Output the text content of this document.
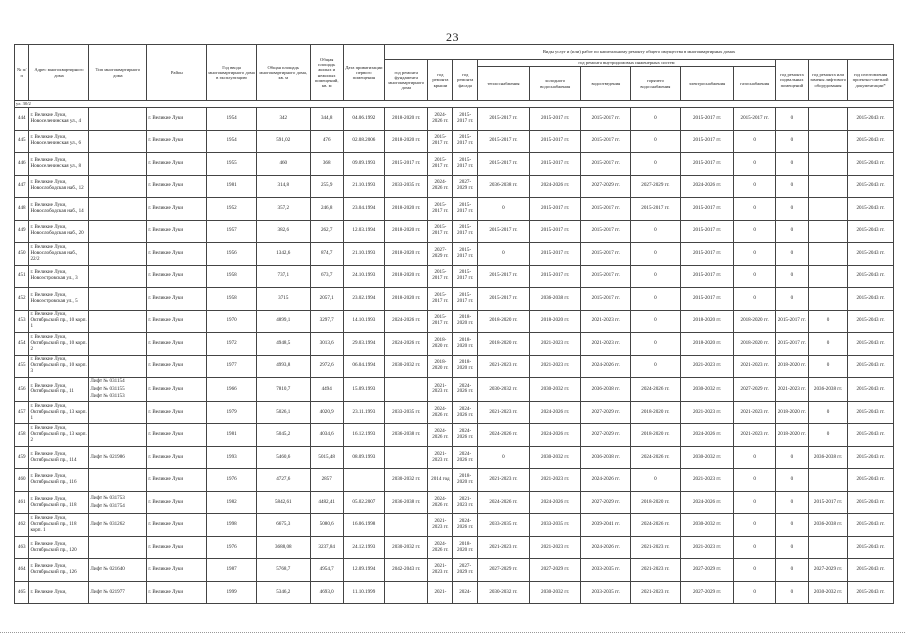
23
№ п/п	Адрес многоквартирного дома	Тип многоквартирного дома	Район	Год ввода многоквартирного дома в эксплуатацию	Общая площадь многоквартирного дома, кв. м	Общая площадь жилых и нежилых помещений, кв. м	Дата приватизации первого помещения	Виды услуг и (или) работ по капитальному ремонту общего имущества в многоквартирных домах											
								год ремонта фундамента многоквартирного дома	год ремонта крыши	год ремонта фасада	год ремонта внутридомовых инженерных систем						год ремонта подвальных помещений	год ремонта или замены лифтового оборудования	год изготовления проектно-сметной документации*
											теплоснабжения	холодного водоснабжения	водоотведения	горячего водоснабжения	электроснабжения	газоснабжения			
ул. 30/2																			
444	г. Великие Луки, Новоселенинская ул., 4		г. Великие Луки	1954	342	344,8	04.06.1992	2018-2020 гг.	2024-2026 гг.	2015-2017 гг.	2015-2017 гг.	2015-2017 гг.	2015-2017 гг.	0	2015-2017 гг.	2015-2017 гг.	0		2015-2043 гг.
445	г. Великие Луки, Новоселенинская ул., 6		г. Великие Луки	1954	591,02	476	02.08.2006	2018-2020 гг.	2015-2017 гг.	2015-2017 гг.	2015-2017 гг.	2015-2017 гг.	2015-2017 гг.	0	2015-2017 гг.	0	0		2015-2043 гг.
446	г. Великие Луки, Новоселенинская ул., 8		г. Великие Луки	1955	460	368	09.09.1993	2015-2017 гг.	2015-2017 гг.	2015-2017 гг.	2015-2017 гг.	2015-2017 гг.	2015-2017 гг.	0	2015-2017 гг.	0	0		2015-2043 гг.
447	г. Великие Луки, Новослободская наб., 12		г. Великие Луки	1981	314,8	255,9	21.10.1993	2033-2035 гг.	2024-2026 гг.	2027-2029 гг.	2036-2038 гг.	2024-2026 гг.	2027-2029 гг.	2027-2029 гг.	2024-2026 гг.	0	0		2015-2043 гг.
448	г. Великие Луки, Новослободская наб., 14		г. Великие Луки	1952	357,2	246,8	23.04.1994	2018-2020 гг.	2015-2017 гг.	2015-2017 гг.	0	2015-2017 гг.	2015-2017 гг.	2015-2017 гг.	2015-2017 гг.	0	0		2015-2043 гг.
449	г. Великие Луки, Новослободская наб., 20		г. Великие Луки	1957	382,6	262,7	12.03.1994	2018-2020 гг.	2015-2017 гг.	2015-2017 гг.	2015-2017 гг.	2015-2017 гг.	2015-2017 гг.	0	2015-2017 гг.	0	0		2015-2043 гг.
450	г. Великие Луки, Новослободская наб., 22/2		г. Великие Луки	1956	1342,6	874,7	21.10.1993	2018-2020 гг.	2027-2029 гг.	2015-2017 гг.	0	2015-2017 гг.	2015-2017 гг.	0	2015-2017 гг.	0	0		2015-2043 гг.
451	г. Великие Луки, Новоэстровская ул., 3		г. Великие Луки	1958	737,1	673,7	24.10.1993	2018-2020 гг.	2015-2017 гг.	2015-2017 гг.	2015-2017 гг.	2015-2017 гг.	2015-2017 гг.	0	2015-2017 гг.	0	0		2015-2043 гг.
452	г. Великие Луки, Новоэстровская ул., 5		г. Великие Луки	1958	3715	2057,1	23.02.1994	2018-2020 гг.	2015-2017 гг.	2015-2017 гг.	2015-2017 гг.	2036-2038 гг.	2015-2017 гг.	0	2015-2017 гг.	0	0		2015-2043 гг.
453	г. Великие Луки, Октябрьский пр., 10 корп. 1		г. Великие Луки	1970	4899,1	3297,7	14.10.1993	2024-2026 гг.	2015-2017 гг.	2018-2020 гг.	2018-2020 гг.	2018-2020 гг.	2021-2023 гг.	0	2018-2020 гг.	2018-2020 гг.	2015-2017 гг.	0	2015-2043 гг.
454	г. Великие Луки, Октябрьский пр., 10 корп. 2		г. Великие Луки	1972	4948,5	3013,6	29.03.1994	2024-2026 гг.	2018-2020 гг.	2018-2020 гг.	2018-2020 гг.	2021-2023 гг.	2021-2023 гг.	0	2018-2020 гг.	2018-2020 гг.	2015-2017 гг.	0	2015-2043 гг.
455	г. Великие Луки, Октябрьский пр., 10 корп. 3		г. Великие Луки	1977	4993,8	2972,6	06.04.1994	2030-2032 гг.	2018-2020 гг.	2018-2020 гг.	2021-2023 гг.	2021-2023 гг.	2024-2026 гг.	0	2021-2023 гг.	2021-2023 гг.	2018-2020 гг.	0	2015-2043 гг.
456	г. Великие Луки, Октябрьский пр., 11	Лифт № 031154
Лифт № 031155
Лифт № 031153	г. Великие Луки	1966	7810,7	4494	15.09.1993		2021-2023 гг.	2024-2026 гг.	2030-2032 гг.	2030-2032 гг.	2036-2038 гг.	2024-2026 гг.	2030-2032 гг.	2027-2029 гг.	2021-2023 гг.	2036-2038 гг.	2015-2043 гг.
457	г. Великие Луки, Октябрьский пр., 13 корп. 1		г. Великие Луки	1979	5026,1	4020,9	23.11.1993	2033-2035 гг.	2024-2026 гг.	2024-2026 гг.	2021-2023 гг.	2024-2026 гг.	2027-2029 гг.	2018-2020 гг.	2021-2023 гг.	2021-2023 гг.	2018-2020 гг.	0	2015-2043 гг.
458	г. Великие Луки, Октябрьский пр., 13 корп. 2		г. Великие Луки	1981	5045,2	4034,6	16.12.1993	2036-2038 гг.	2024-2026 гг.	2024-2026 гг.	2024-2026 гг.	2024-2026 гг.	2027-2029 гг.	2018-2020 гг.	2024-2026 гг.	2021-2023 гг.	2018-2020 гг.	0	2015-2043 гг.
459	г. Великие Луки, Октябрьский пр., 114	Лифт № 021986	г. Великие Луки	1993	5460,6	5015,48	08.09.1993		2021-2023 гг.	2024-2026 гг.	0	2030-2032 гг.	2036-2038 гг.	2024-2026 гг.	2030-2032 гг.	0	0	2036-2038 гг.	2015-2043 гг.
460	г. Великие Луки, Октябрьский пр., 116		г. Великие Луки	1976	4727,6	2857		2030-2032 гг.	2014 год	2018-2020 гг.	2021-2023 гг.	2021-2023 гг.	2024-2026 гг.	0	2021-2023 гг.	0	0		2015-2043 гг.
461	г. Великие Луки, Октябрьский пр., 118	Лифт № 031753
Лифт № 031754	г. Великие Луки	1982	5842,61	4482,41	05.02.2007	2036-2038 гг.	2024-2026 гг.	2021-2023 гг.	2024-2026 гг.	2024-2026 гг.	2027-2029 гг.	2018-2020 гг.	2024-2026 гг.	0	0	2015-2017 гг.	2015-2043 гг.
462	г. Великие Луки, Октябрьский пр., 118 корп. 1	Лифт № 031262	г. Великие Луки	1998	6675,3	5080,6	16.06.1998		2021-2023 гг.	2024-2026 гг.	2033-2035 гг.	2033-2035 гг.	2039-2041 гг.	2024-2026 гг.	2030-2032 гг.	0	0	2036-2038 гг.	2015-2043 гг.
463	г. Великие Луки, Октябрьский пр., 120		г. Великие Луки	1976	3688,08	3237,84	24.12.1993	2030-2032 гг.	2024-2026 гг.	2018-2020 гг.	2021-2023 гг.	2021-2023 гг.	2024-2026 гг.	2021-2023 гг.	2021-2023 гг.	0	0		2015-2043 гг.
464	г. Великие Луки, Октябрьский пр., 126	Лифт № 021640	г. Великие Луки	1987	5768,7	4954,7	12.09.1994	2042-2043 гг.	2021-2023 гг.	2027-2029 гг.	2027-2029 гг.	2027-2029 гг.	2033-2035 гг.	2021-2023 гг.	2027-2029 гг.	0	0	2027-2029 гг.	2015-2043 гг.
465	г. Великие Луки,	Лифт № 021977	г. Великие Луки	1999	5346,2	4693,0	11.10.1999		2021-	2024-	2030-2032 гг.	2030-2032 гг.	2033-2035 гг.	2021-2023 гг.	2027-2029 гг.	0	0	2030-2032 гг.	2015-2043 гг.
